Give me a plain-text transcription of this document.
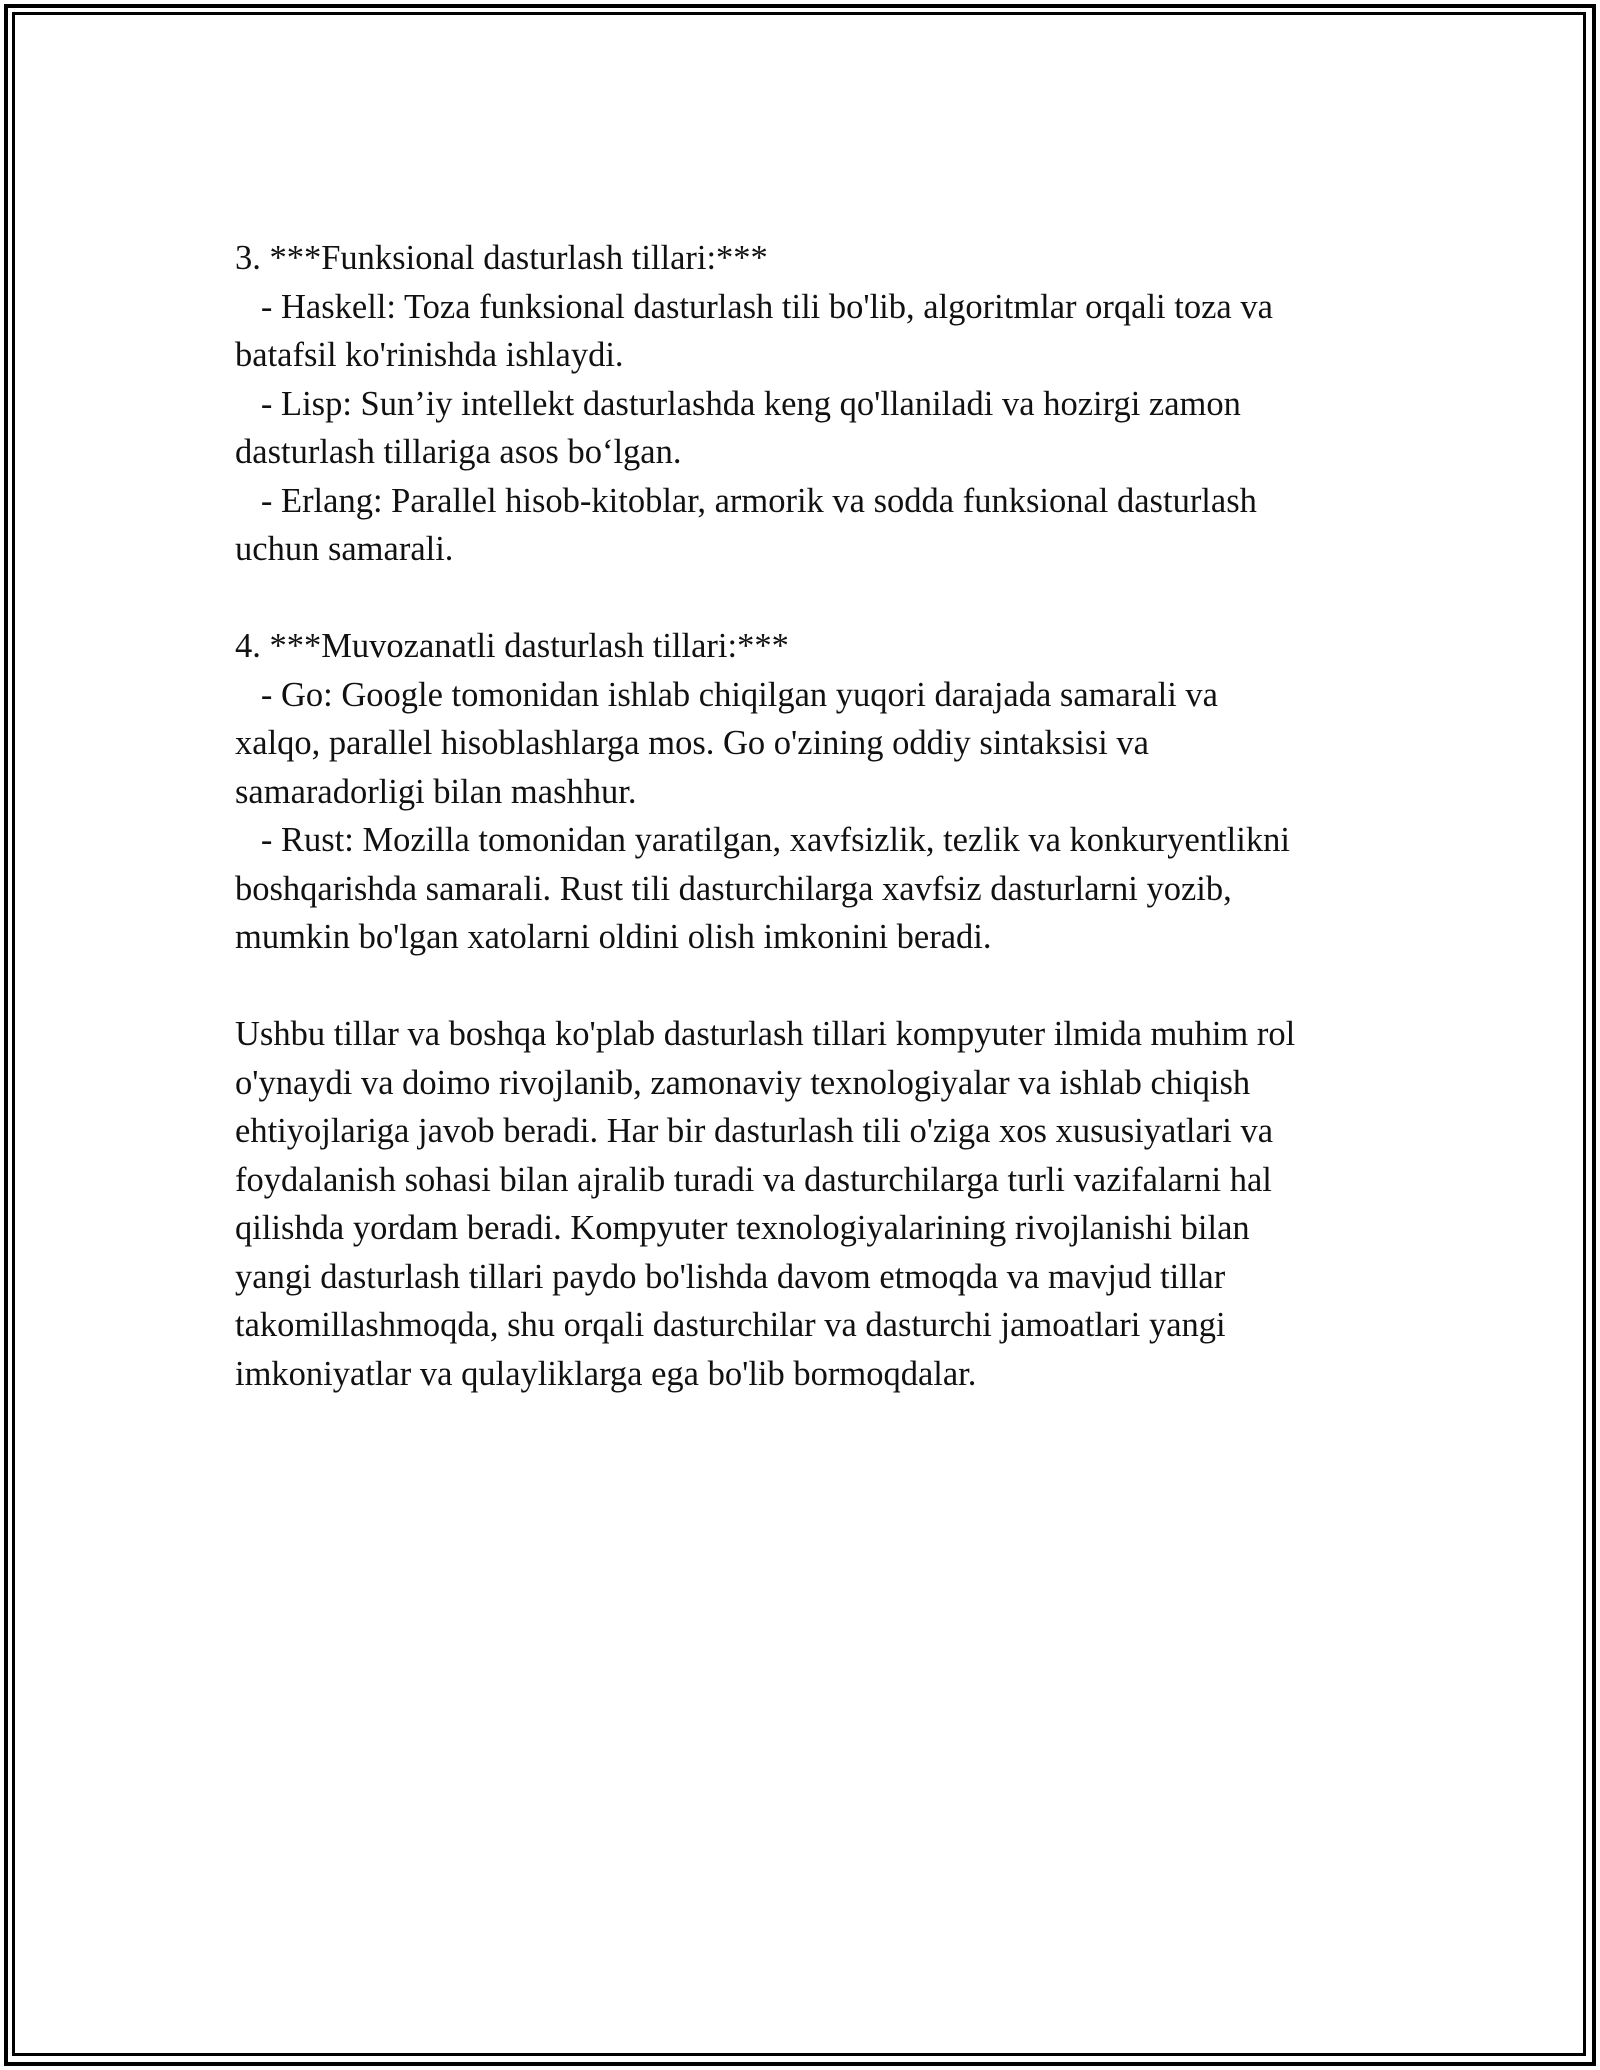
3. ***Funksional dasturlash tillari:***
- Haskell: Toza funksional dasturlash tili bo'lib, algoritmlar orqali toza va
batafsil ko'rinishda ishlaydi.
- Lisp: Sun’iy intellekt dasturlashda keng qo'llaniladi va hozirgi zamon
dasturlash tillariga asos bo‘lgan.
- Erlang: Parallel hisob-kitoblar, armorik va sodda funksional dasturlash
uchun samarali.
4. ***Muvozanatli dasturlash tillari:***
- Go: Google tomonidan ishlab chiqilgan yuqori darajada samarali va
xalqo, parallel hisoblashlarga mos. Go o'zining oddiy sintaksisi va
samaradorligi bilan mashhur.
- Rust: Mozilla tomonidan yaratilgan, xavfsizlik, tezlik va konkuryentlikni
boshqarishda samarali. Rust tili dasturchilarga xavfsiz dasturlarni yozib,
mumkin bo'lgan xatolarni oldini olish imkonini beradi.
Ushbu tillar va boshqa ko'plab dasturlash tillari kompyuter ilmida muhim rol
o'ynaydi va doimo rivojlanib, zamonaviy texnologiyalar va ishlab chiqish
ehtiyojlariga javob beradi. Har bir dasturlash tili o'ziga xos xususiyatlari va
foydalanish sohasi bilan ajralib turadi va dasturchilarga turli vazifalarni hal
qilishda yordam beradi. Kompyuter texnologiyalarining rivojlanishi bilan
yangi dasturlash tillari paydo bo'lishda davom etmoqda va mavjud tillar
takomillashmoqda, shu orqali dasturchilar va dasturchi jamoatlari yangi
imkoniyatlar va qulayliklarga ega bo'lib bormoqdalar.
